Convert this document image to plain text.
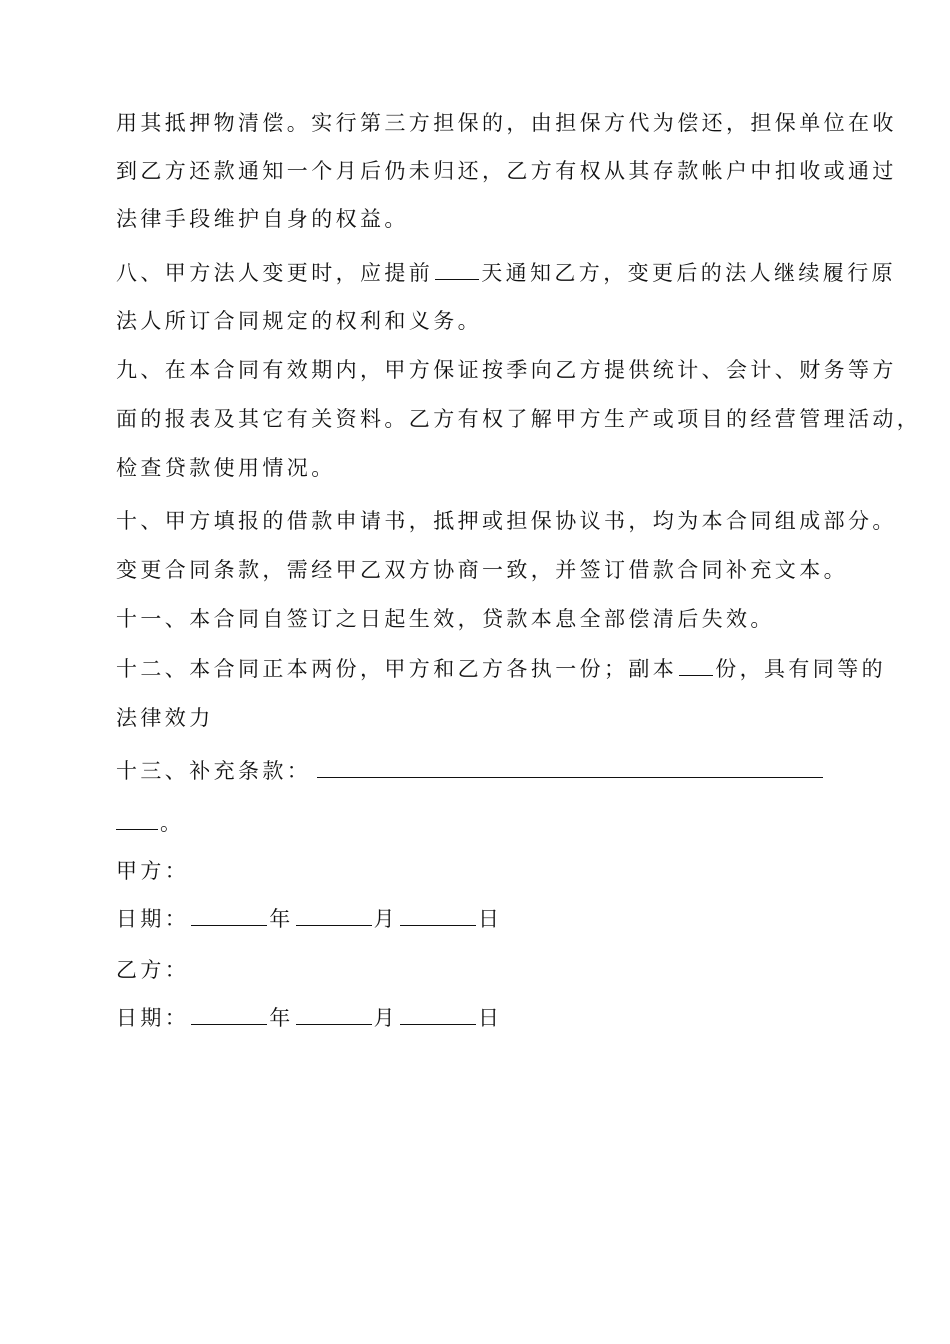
用其抵押物清偿。实行第三方担保的，由担保方代为偿还，担保单位在收
到乙方还款通知一个月后仍未归还，乙方有权从其存款帐户中扣收或通过
法律手段维护自身的权益。
八、甲方法人变更时，应提前 天通知乙方，变更后的法人继续履行原
法人所订合同规定的权利和义务。
九、在本合同有效期内，甲方保证按季向乙方提供统计、会计、财务等方
面的报表及其它有关资料。乙方有权了解甲方生产或项目的经营管理活动，
检查贷款使用情况。
十、甲方填报的借款申请书，抵押或担保协议书，均为本合同组成部分。
变更合同条款，需经甲乙双方协商一致，并签订借款合同补充文本。
十一、本合同自签订之日起生效，贷款本息全部偿清后失效。
十二、本合同正本两份，甲方和乙方各执一份；副本 份，具有同等的
法律效力
十三、补充条款：
。
甲方：
日期：	年	月	日
乙方：
日期：	年	月	日
